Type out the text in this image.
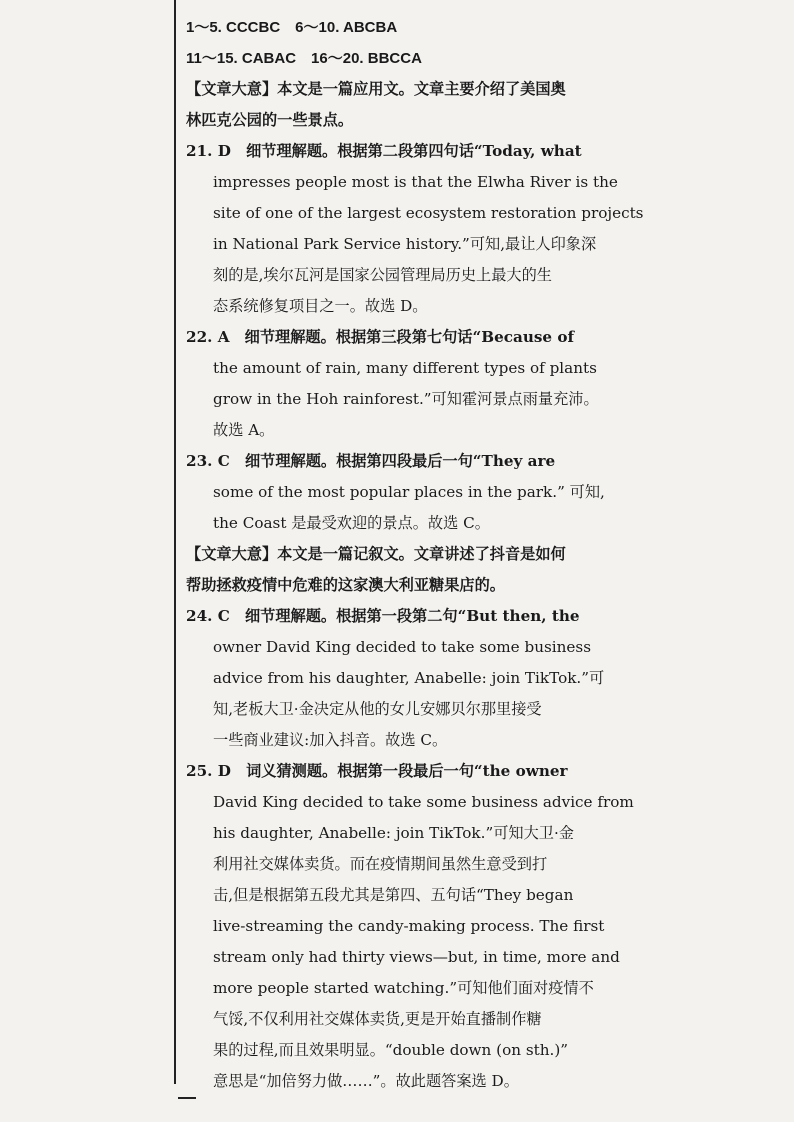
1～5. CCCBC　6～10. ABCBA
11～15. CABAC　16～20. BBCCA
【文章大意】本文是一篇应用文。文章主要介绍了美国奥
林匹克公园的一些景点。
21. D　细节理解题。根据第二段第四句话“Today, what
impresses people most is that the Elwha River is the
site of one of the largest ecosystem restoration projects
in National Park Service history.”可知,最让人印象深
刻的是,埃尔瓦河是国家公园管理局历史上最大的生
态系统修复项目之一。故选 D。
22. A　细节理解题。根据第三段第七句话“Because of
the amount of rain, many different types of plants
grow in the Hoh rainforest.”可知霍河景点雨量充沛。
故选 A。
23. C　细节理解题。根据第四段最后一句“They are
some of the most popular places in the park.” 可知,
the Coast 是最受欢迎的景点。故选 C。
【文章大意】本文是一篇记叙文。文章讲述了抖音是如何
帮助拯救疫情中危难的这家澳大利亚糖果店的。
24. C　细节理解题。根据第一段第二句“But then, the
owner David King decided to take some business
advice from his daughter, Anabelle: join TikTok.”可
知,老板大卫·金决定从他的女儿安娜贝尔那里接受
一些商业建议:加入抖音。故选 C。
25. D　词义猜测题。根据第一段最后一句“the owner
David King decided to take some business advice from
his daughter, Anabelle: join TikTok.”可知大卫·金
利用社交媒体卖货。而在疫情期间虽然生意受到打
击,但是根据第五段尤其是第四、五句话“They began
live-streaming the candy-making process. The first
stream only had thirty views—but, in time, more and
more people started watching.”可知他们面对疫情不
气馁,不仅利用社交媒体卖货,更是开始直播制作糖
果的过程,而且效果明显。“double down (on sth.)”
意思是“加倍努力做……”。故此题答案选 D。
